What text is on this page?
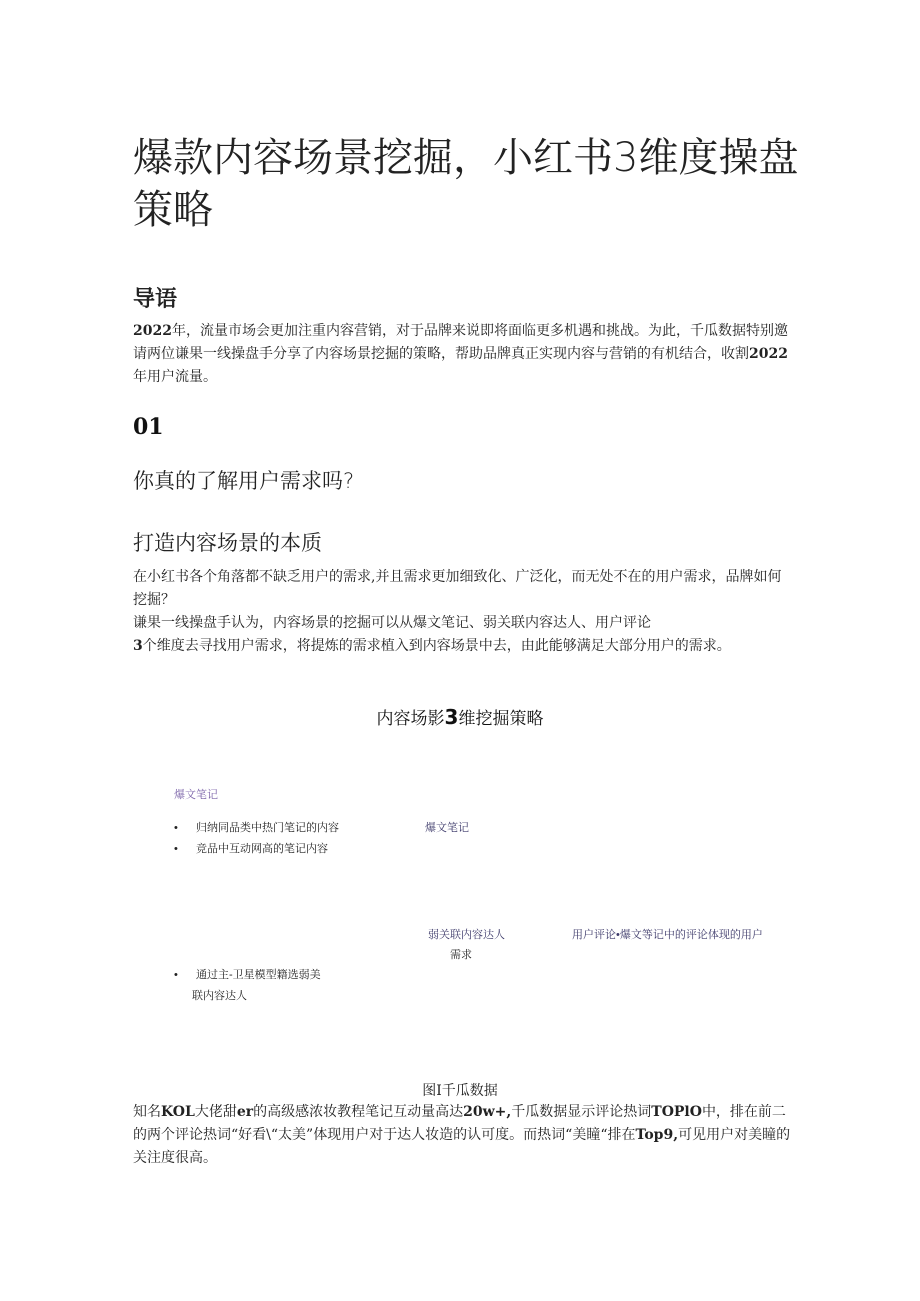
爆款内容场景挖掘，小红书3维度操盘策略
导语

2022年，流量市场会更加注重内容营销，对于品牌来说即将面临更多机遇和挑战。为此，千瓜数据特别邀请两位谦果一线操盘手分享了内容场景挖掘的策略，帮助品牌真正实现内容与营销的有机结合，收割2022年用户流量。

01
你真的了解用户需求吗?
打造内容场景的本质

在小红书各个角落都不缺乏用户的需求,并且需求更加细致化、广泛化，而无处不在的用户需求，品牌如何挖掘？
谦果一线操盘手认为，内容场景的挖掘可以从爆文笔记、弱关联内容达人、用户评论
3个维度去寻找用户需求，将提炼的需求植入到内容场景中去，由此能够满足大部分用户的需求。

内容场影3维挖掘策略

爆文笔记

• 归纳同品类中热门笔记的内容
• 竞品中互动网高的笔记内容

爆文笔记

弱关联内容达人

需求

用户评论•爆文等记中的评论体现的用户

• 通过主-卫星模型籍选弱美

联内容达人

图I千瓜数据

知名KOL大佬甜er的高级感浓妆教程笔记互动量高达20w+,千瓜数据显示评论热词TOPlO中，排在前二的两个评论热词“好看\“太美”体现用户对于达人妆造的认可度。而热词“美瞳“排在Top9,可见用户对美瞳的关注度很高。
